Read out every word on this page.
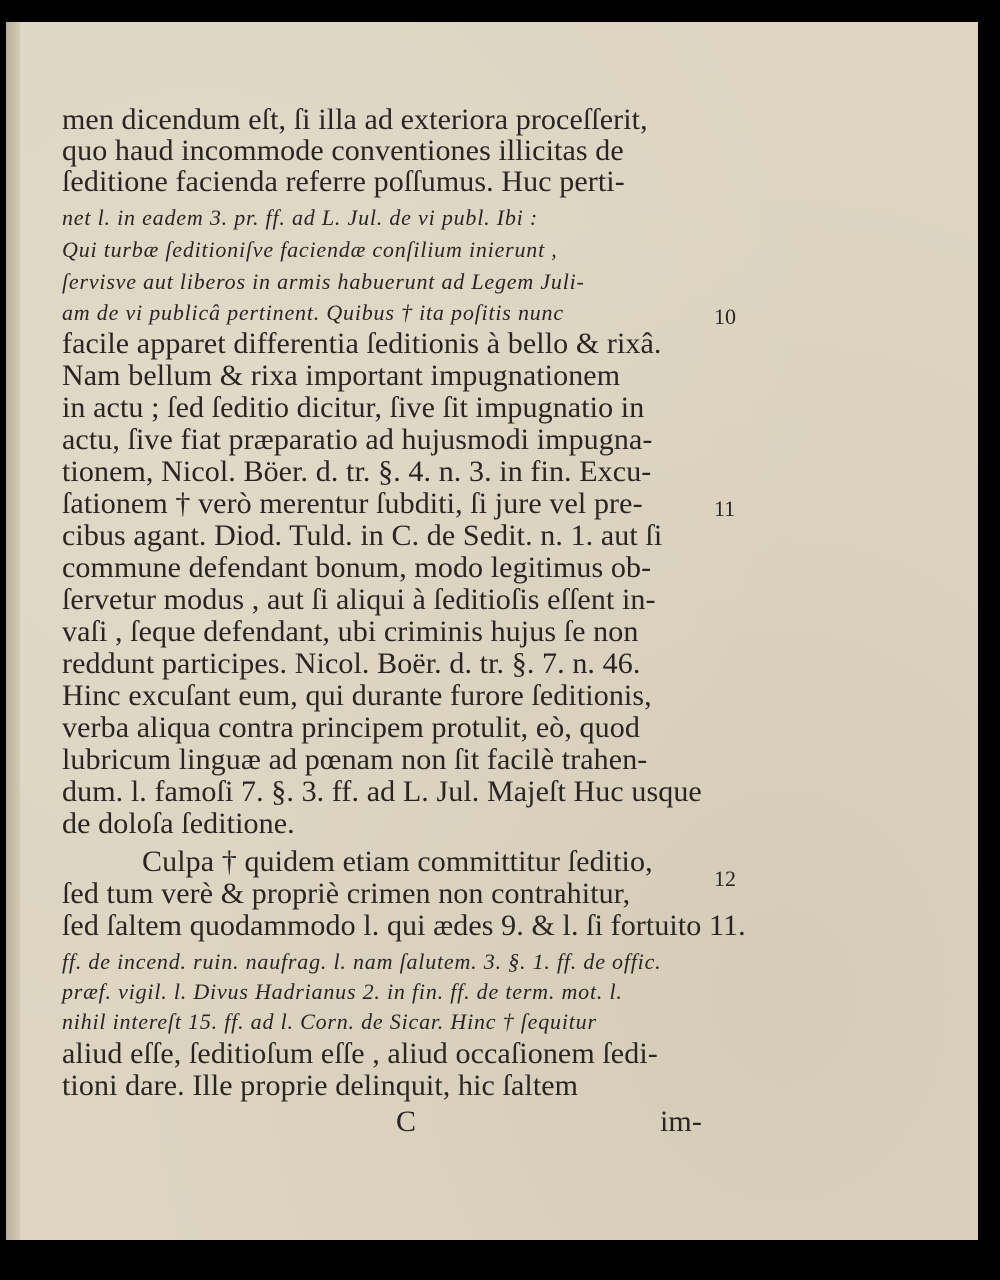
men dicendum eſt, ſi illa ad exteriora proceſſerit,
quo haud incommode conventiones illicitas de
ſeditione facienda referre poſſumus. Huc perti-
net l. in eadem 3. pr. ff. ad L. Jul. de vi publ. Ibi :
Qui turbæ ſeditioniſve faciendæ conſilium inierunt ,
ſervisve aut liberos in armis habuerunt ad Legem Juli-
am de vi publicâ pertinent. Quibus † ita poſitis nunc
facile apparet differentia ſeditionis à bello & rixâ.
Nam bellum & rixa important impugnationem
in actu ; ſed ſeditio dicitur, ſive ſit impugnatio in
actu, ſive fiat præparatio ad hujusmodi impugna-
tionem, Nicol. Böer. d. tr. §. 4. n. 3. in fin. Excu-
ſationem † verò merentur ſubditi, ſi jure vel pre-
cibus agant. Diod. Tuld. in C. de Sedit. n. 1. aut ſi
commune defendant bonum, modo legitimus ob-
ſervetur modus , aut ſi aliqui à ſeditioſis eſſent in-
vaſi , ſeque defendant, ubi criminis hujus ſe non
reddunt participes. Nicol. Boër. d. tr. §. 7. n. 46.
Hinc excuſant eum, qui durante furore ſeditionis,
verba aliqua contra principem protulit, eò, quod
lubricum linguæ ad pœnam non ſit facilè trahen-
dum. l. famoſi 7. §. 3. ff. ad L. Jul. Majeſt Huc usque
de doloſa ſeditione.
Culpa † quidem etiam committitur ſeditio,
ſed tum verè & propriè crimen non contrahitur,
ſed ſaltem quodammodo l. qui ædes 9. & l. ſi fortuito 11.
ff. de incend. ruin. naufrag. l. nam ſalutem. 3. §. 1. ff. de offic.
præf. vigil. l. Divus Hadrianus 2. in fin. ff. de term. mot. l.
nihil intereſt 15. ff. ad l. Corn. de Sicar. Hinc † ſequitur
aliud eſſe, ſeditioſum eſſe , aliud occaſionem ſedi-
tioni dare. Ille proprie delinquit, hic ſaltem
C	im-
10
11
12
